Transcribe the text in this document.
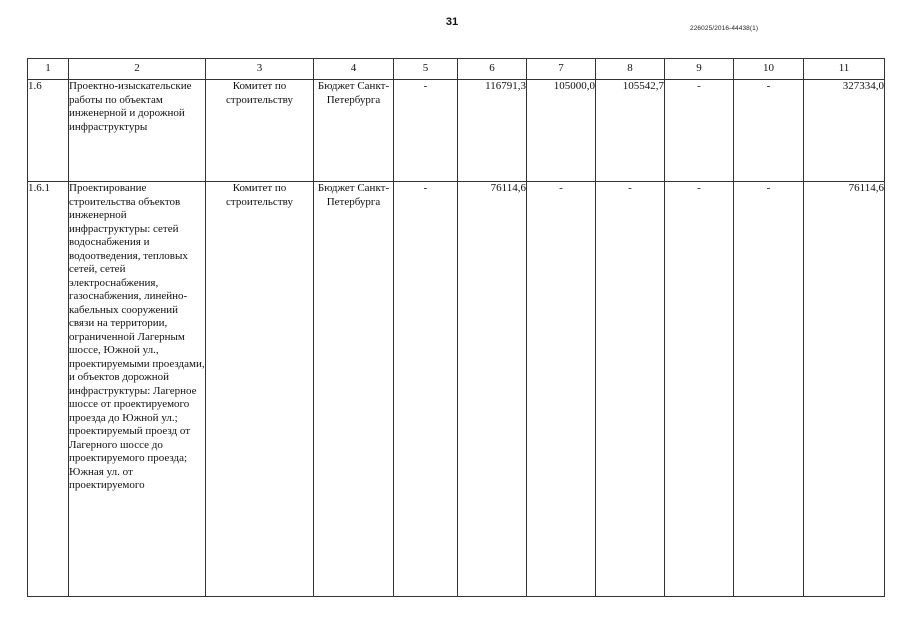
31
226025/2016-44438(1)
1	2	3	4	5	6	7	8	9	10	11
1.6	Проектно-изыскательские работы по объектам инженерной и дорожной инфраструктуры	Комитет по строительству	Бюджет Санкт-Петербурга	-	116791,3	105000,0	105542,7	-	-	327334,0
1.6.1	Проектирование строительства объектов инженерной инфраструктуры: сетей водоснабжения и водоотведения, тепловых сетей, сетей электроснабжения, газоснабжения, линейно-кабельных сооружений связи на территории, ограниченной Лагерным шоссе, Южной ул., проектируемыми проездами, и объектов дорожной инфраструктуры: Лагерное шоссе от проектируемого проезда до Южной ул.; проектируемый проезд от Лагерного шоссе до проектируемого проезда; Южная ул. от проектируемого	Комитет по строительству	Бюджет Санкт-Петербурга	-	76114,6	-	-	-	-	76114,6
